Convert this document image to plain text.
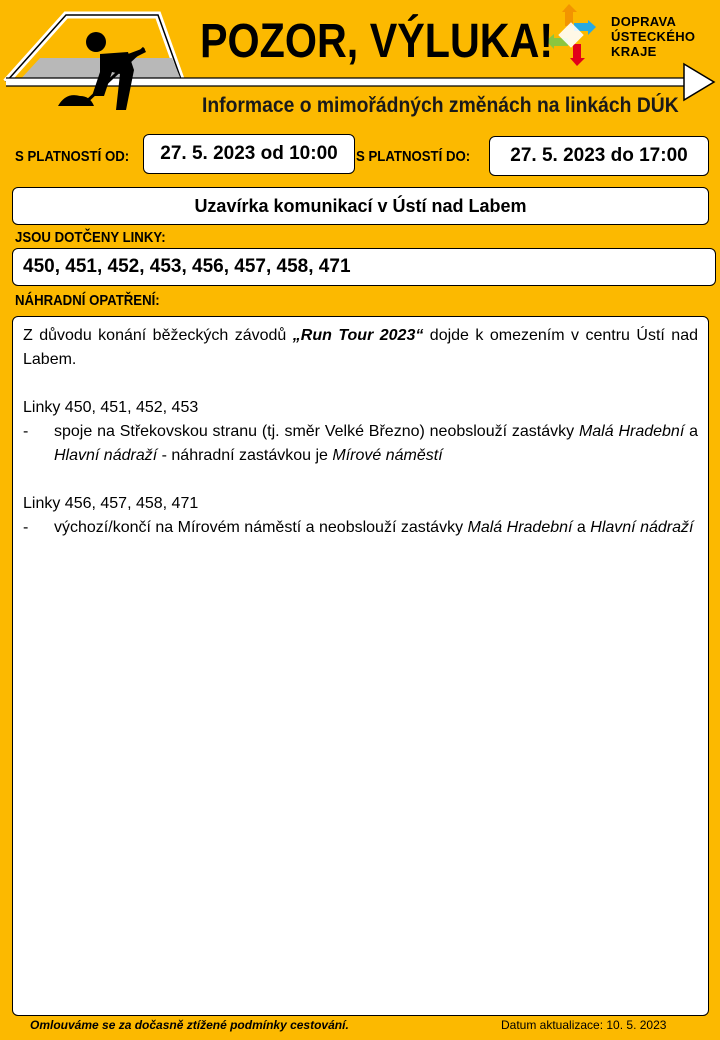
POZOR, VÝLUKA!
Informace o mimořádných změnách na linkách DÚK
DOPRAVA
ÚSTECKÉHO
KRAJE
S PLATNOSTÍ OD:	27. 5. 2023 od 10:00	S PLATNOSTÍ DO:	27. 5. 2023 do 17:00
Uzavírka komunikací v Ústí nad Labem
JSOU DOTČENY LINKY:
450, 451, 452, 453, 456, 457, 458, 471
NÁHRADNÍ OPATŘENÍ:

Z důvodu konání běžeckých závodů „Run Tour 2023“ dojde k omezením v centru Ústí nad Labem.

Linky 450, 451, 452, 453

-	spoje na Střekovskou stranu (tj. směr Velké Březno) neobslouží zastávky Malá Hradební a Hlavní nádraží - náhradní zastávkou je Mírové náměstí

Linky 456, 457, 458, 471

-	výchozí/končí na Mírovém náměstí a neobslouží zastávky Malá Hradební a Hlavní nádraží
Omlouváme se za dočasně ztížené podmínky cestování.	Datum aktualizace: 10. 5. 2023
